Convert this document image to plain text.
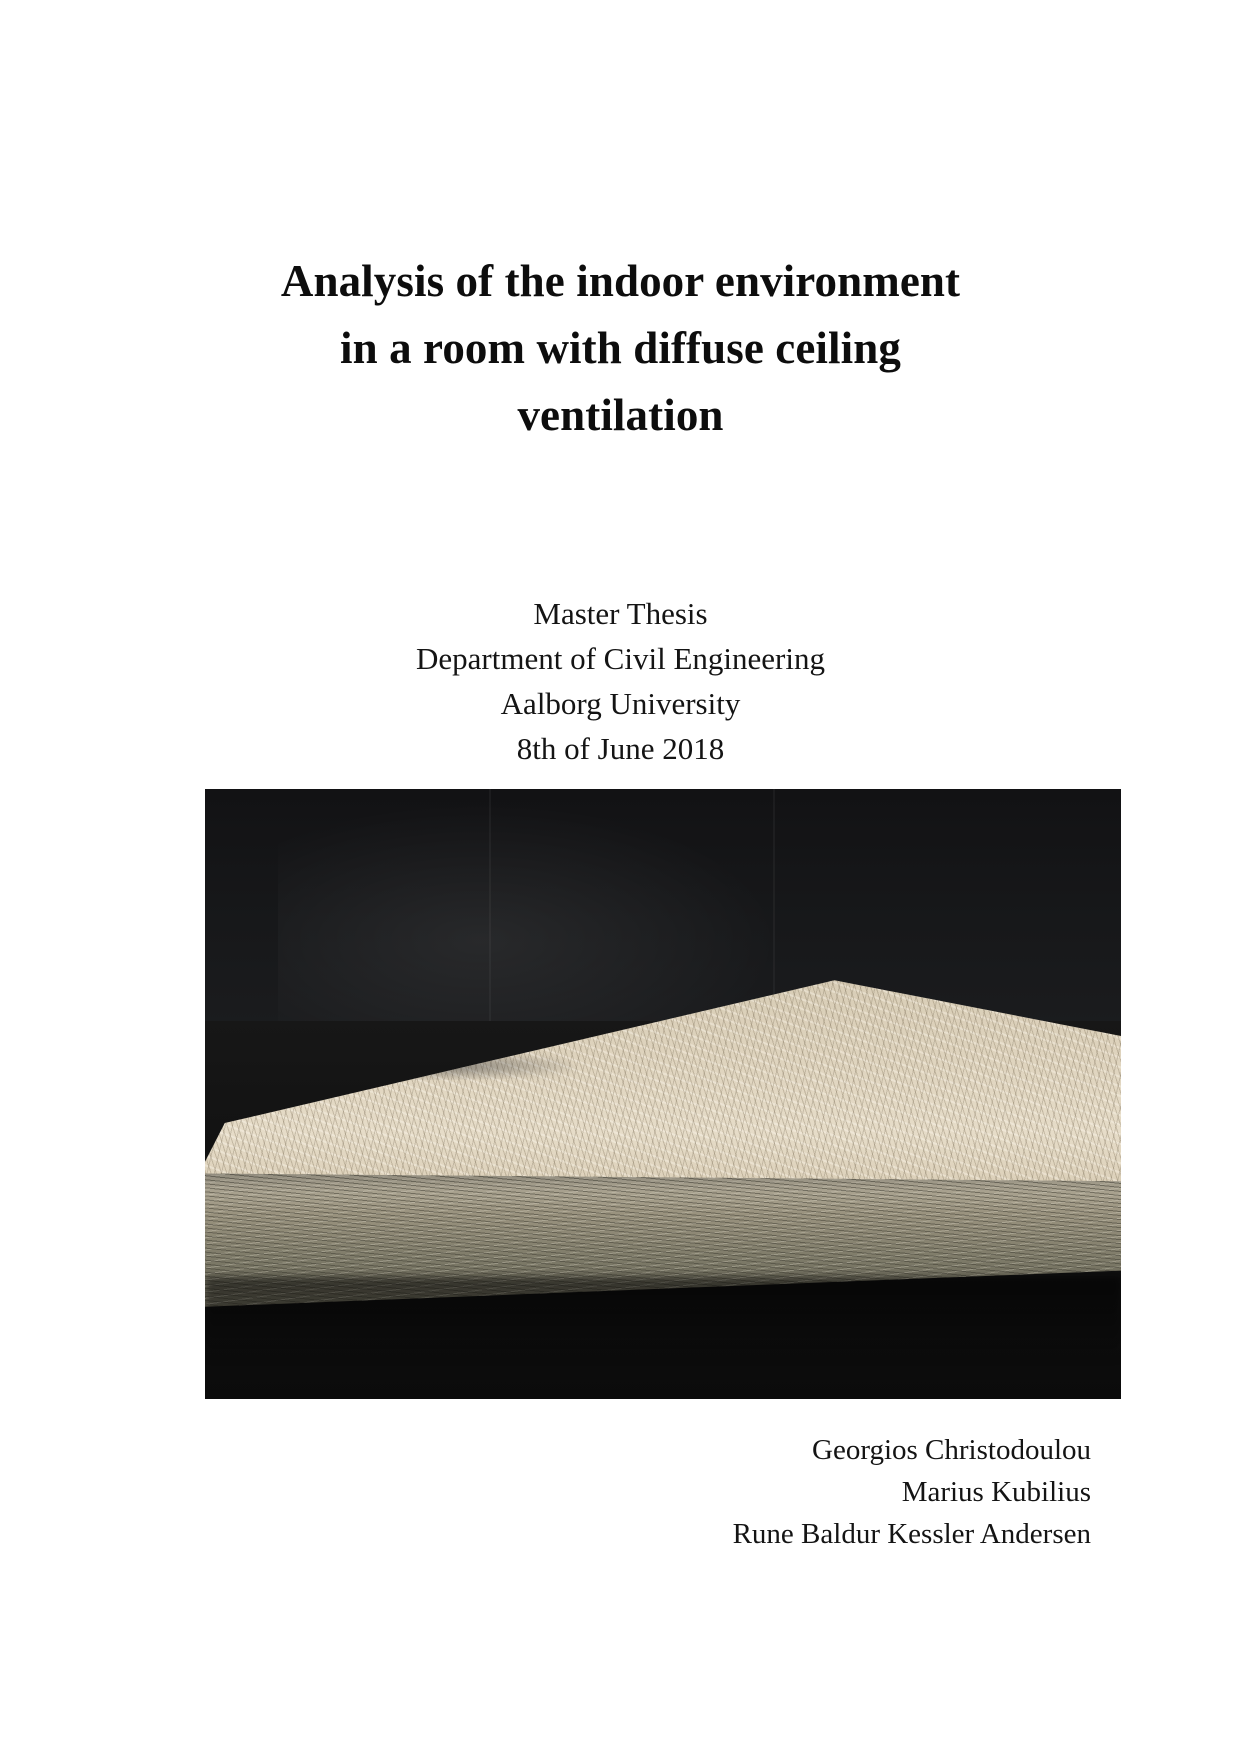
Analysis of the indoor environment
in a room with diffuse ceiling
ventilation
Master Thesis
Department of Civil Engineering
Aalborg University
8th of June 2018
Georgios Christodoulou
Marius Kubilius
Rune Baldur Kessler Andersen
